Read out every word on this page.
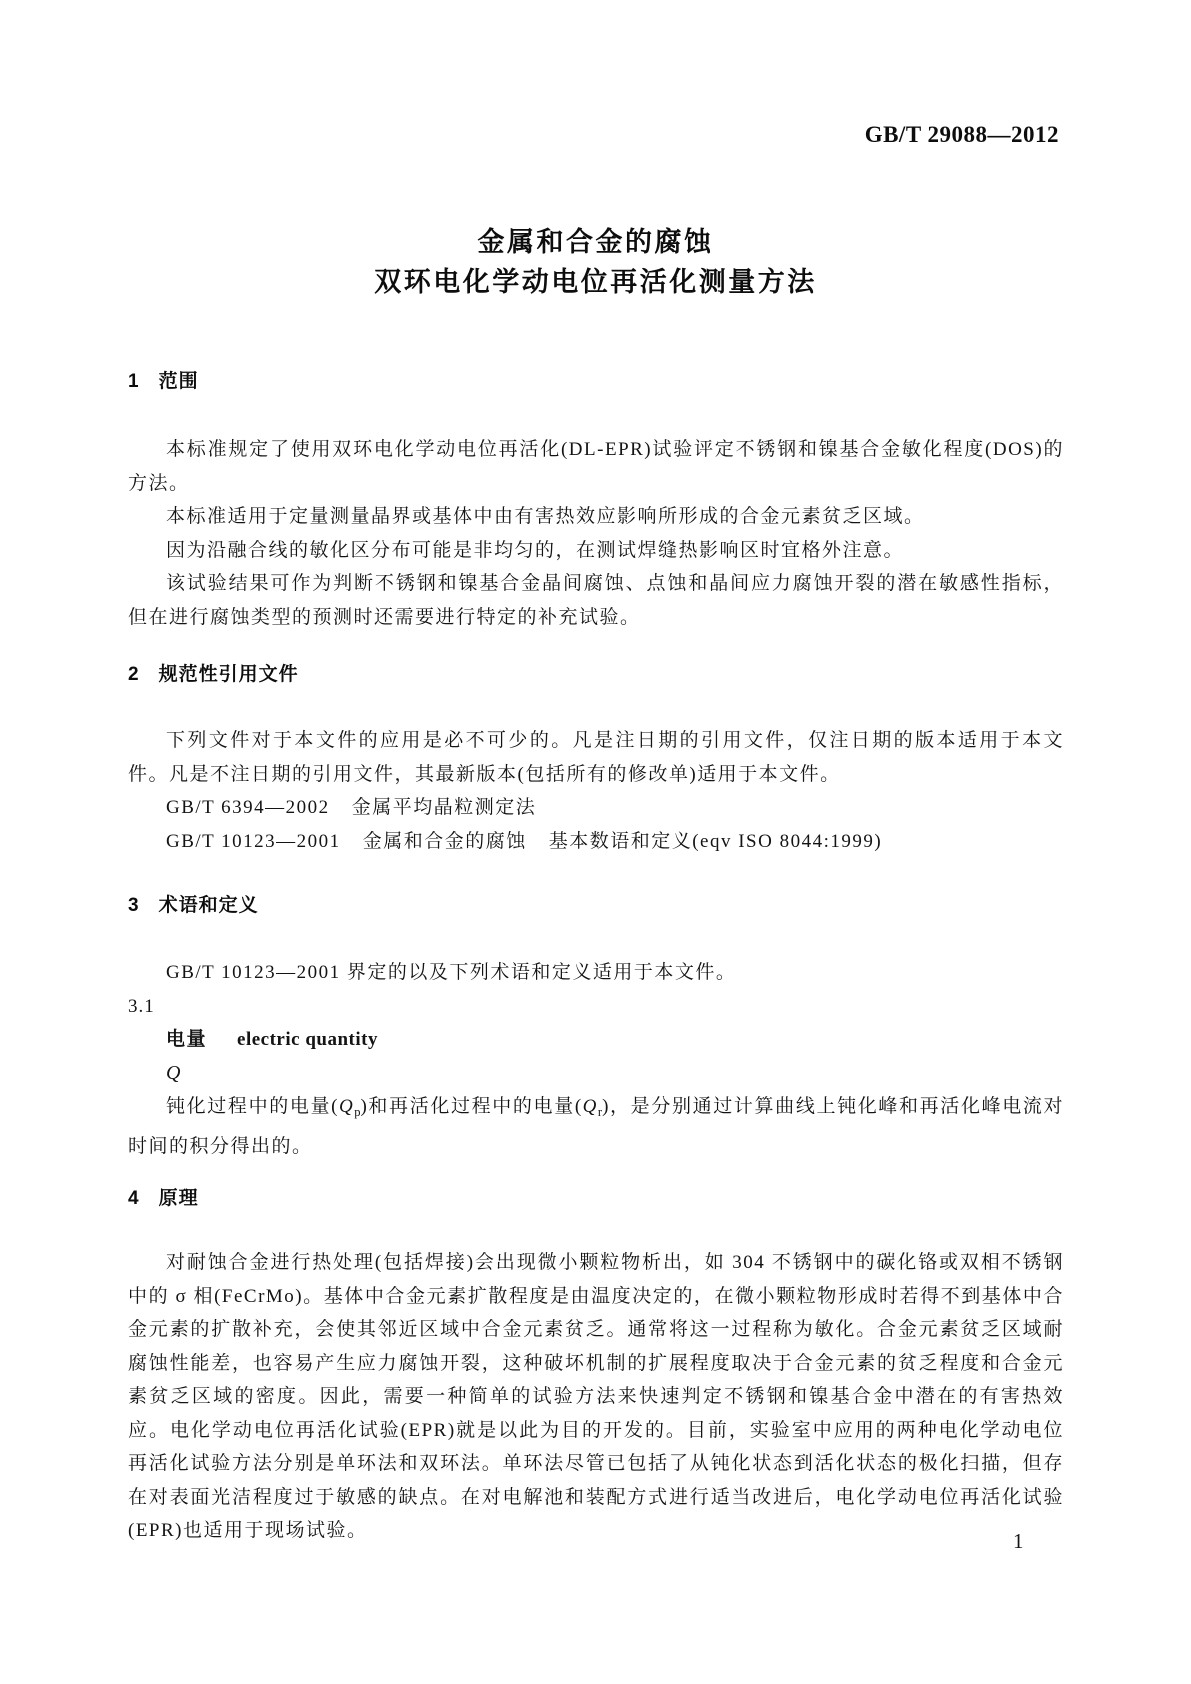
GB/T 29088—2012
金属和合金的腐蚀
双环电化学动电位再活化测量方法
1 范围

本标准规定了使用双环电化学动电位再活化(DL-EPR)试验评定不锈钢和镍基合金敏化程度(DOS)的方法。

本标准适用于定量测量晶界或基体中由有害热效应影响所形成的合金元素贫乏区域。

因为沿融合线的敏化区分布可能是非均匀的，在测试焊缝热影响区时宜格外注意。

该试验结果可作为判断不锈钢和镍基合金晶间腐蚀、点蚀和晶间应力腐蚀开裂的潜在敏感性指标，但在进行腐蚀类型的预测时还需要进行特定的补充试验。

2 规范性引用文件

下列文件对于本文件的应用是必不可少的。凡是注日期的引用文件，仅注日期的版本适用于本文件。凡是不注日期的引用文件，其最新版本(包括所有的修改单)适用于本文件。

GB/T 6394—2002 金属平均晶粒测定法

GB/T 10123—2001 金属和合金的腐蚀 基本数语和定义(eqv ISO 8044:1999)

3 术语和定义

GB/T 10123—2001 界定的以及下列术语和定义适用于本文件。

3.1

电量 electric quantity

Q

钝化过程中的电量$(Q_p)$和再活化过程中的电量$(Q_r)$，是分别通过计算曲线上钝化峰和再活化峰电流对时间的积分得出的。

4 原理

对耐蚀合金进行热处理(包括焊接)会出现微小颗粒物析出，如 304 不锈钢中的碳化铬或双相不锈钢中的 σ 相(FeCrMo)。基体中合金元素扩散程度是由温度决定的，在微小颗粒物形成时若得不到基体中合金元素的扩散补充，会使其邻近区域中合金元素贫乏。通常将这一过程称为敏化。合金元素贫乏区域耐腐蚀性能差，也容易产生应力腐蚀开裂，这种破坏机制的扩展程度取决于合金元素的贫乏程度和合金元素贫乏区域的密度。因此，需要一种简单的试验方法来快速判定不锈钢和镍基合金中潜在的有害热效应。电化学动电位再活化试验(EPR)就是以此为目的开发的。目前，实验室中应用的两种电化学动电位再活化试验方法分别是单环法和双环法。单环法尽管已包括了从钝化状态到活化状态的极化扫描，但存在对表面光洁程度过于敏感的缺点。在对电解池和装配方式进行适当改进后，电化学动电位再活化试验(EPR)也适用于现场试验。	1
